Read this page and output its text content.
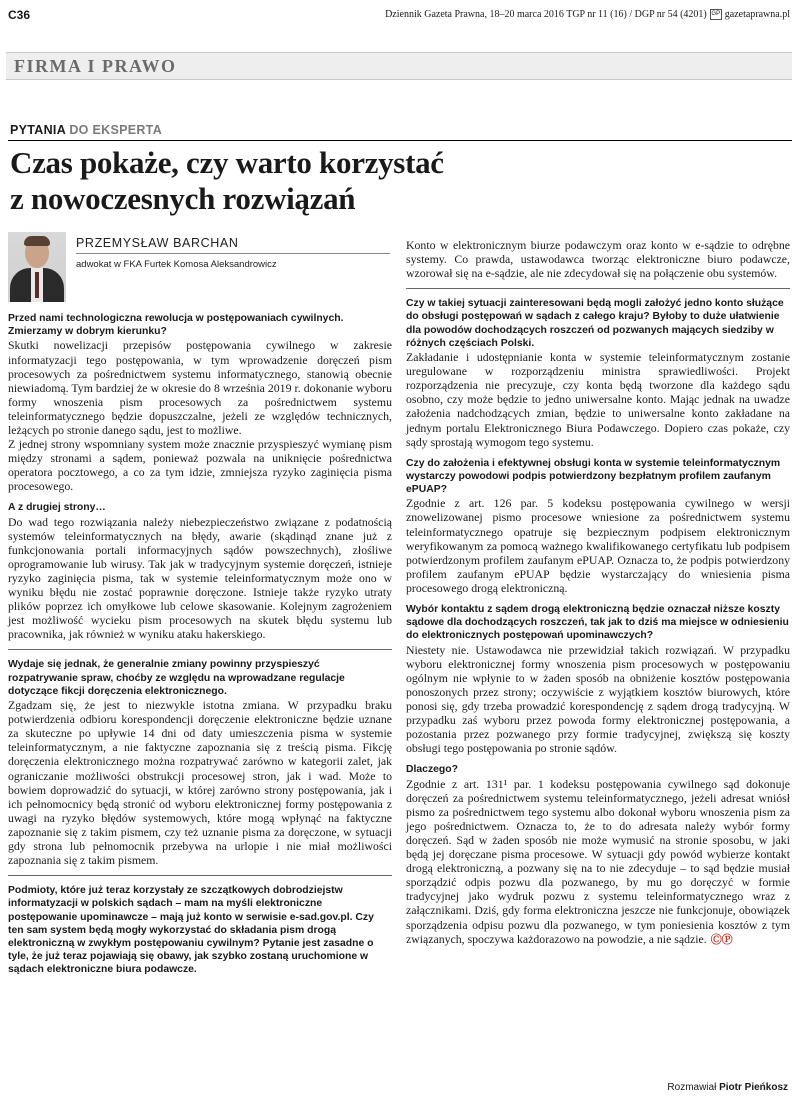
C36	Dziennik Gazeta Prawna, 18–20 marca 2016 TGP nr 11 (16) / DGP nr 54 (4201) GP gazetaprawna.pl
FIRMA I PRAWO
PYTANIA DO EKSPERTA
Czas pokaże, czy warto korzystać
z nowoczesnych rozwiązań
PRZEMYSŁAW BARCHAN
adwokat w FKA Furtek Komosa Aleksandrowicz

Przed nami technologiczna rewolucja w postępowaniach cywilnych. Zmierzamy w dobrym kierunku?

Skutki nowelizacji przepisów postępowania cywilnego w zakresie informatyzacji tego postępowania, w tym wprowadzenie doręczeń pism procesowych za pośrednictwem systemu informatycznego, stanowią obecnie niewiadomą. Tym bardziej że w okresie do 8 września 2019 r. dokonanie wyboru formy wnoszenia pism procesowych za pośrednictwem systemu teleinformatycznego będzie dopuszczalne, jeżeli ze względów technicznych, leżących po stronie danego sądu, jest to możliwe.

Z jednej strony wspomniany system może znacznie przyspieszyć wymianę pism między stronami a sądem, ponieważ pozwala na uniknięcie pośrednictwa operatora pocztowego, a co za tym idzie, zmniejsza ryzyko zaginięcia pisma procesowego.

A z drugiej strony…

Do wad tego rozwiązania należy niebezpieczeństwo związane z podatnością systemów teleinformatycznych na błędy, awarie (skądinąd znane już z funkcjonowania portali informacyjnych sądów powszechnych), złośliwe oprogramowanie lub wirusy. Tak jak w tradycyjnym systemie doręczeń, istnieje ryzyko zaginięcia pisma, tak w systemie teleinformatycznym może ono w wyniku błędu nie zostać poprawnie doręczone. Istnieje także ryzyko utraty plików poprzez ich omyłkowe lub celowe skasowanie. Kolejnym zagrożeniem jest możliwość wycieku pism procesowych na skutek błędu systemu lub pracownika, jak również w wyniku ataku hakerskiego.

Wydaje się jednak, że generalnie zmiany powinny przyspieszyć rozpatrywanie spraw, choćby ze względu na wprowadzane regulacje dotyczące fikcji doręczenia elektronicznego.

Zgadzam się, że jest to niezwykle istotna zmiana. W przypadku braku potwierdzenia odbioru korespondencji doręczenie elektroniczne będzie uznane za skuteczne po upływie 14 dni od daty umieszczenia pisma w systemie teleinformatycznym, a nie faktyczne zapoznania się z treścią pisma. Fikcję doręczenia elektronicznego można rozpatrywać zarówno w kategorii zalet, jak ograniczanie możliwości obstrukcji procesowej stron, jak i wad. Może to bowiem doprowadzić do sytuacji, w której zarówno strony postępowania, jak i ich pełnomocnicy będą stronić od wyboru elektronicznej formy postępowania z uwagi na ryzyko błędów systemowych, które mogą wpłynąć na faktyczne zapoznanie się z takim pismem, czy też uznanie pisma za doręczone, w sytuacji gdy strona lub pełnomocnik przebywa na urlopie i nie miał możliwości zapoznania się z takim pismem.

Podmioty, które już teraz korzystały ze szczątkowych dobrodziejstw informatyzacji w polskich sądach – mam na myśli elektroniczne postępowanie upominawcze – mają już konto w serwisie e-sad.gov.pl. Czy ten sam system będą mogły wykorzystać do składania pism drogą elektroniczną w zwykłym postępowaniu cywilnym? Pytanie jest zasadne o tyle, że już teraz pojawiają się obawy, jak szybko zostaną uruchomione w sądach elektroniczne biura podawcze.

Konto w elektronicznym biurze podawczym oraz konto w e-sądzie to odrębne systemy. Co prawda, ustawodawca tworząc elektroniczne biuro podawcze, wzorował się na e-sądzie, ale nie zdecydował się na połączenie obu systemów.

Czy w takiej sytuacji zainteresowani będą mogli założyć jedno konto służące do obsługi postępowań w sądach z całego kraju? Byłoby to duże ułatwienie dla powodów dochodzących roszczeń od pozwanych mających siedziby w różnych częściach Polski.

Zakładanie i udostępnianie konta w systemie teleinformatycznym zostanie uregulowane w rozporządzeniu ministra sprawiedliwości. Projekt rozporządzenia nie precyzuje, czy konta będą tworzone dla każdego sądu osobno, czy może będzie to jedno uniwersalne konto. Mając jednak na uwadze założenia nadchodzących zmian, będzie to uniwersalne konto zakładane na jednym portalu Elektronicznego Biura Podawczego. Dopiero czas pokaże, czy sądy sprostają wymogom tego systemu.

Czy do założenia i efektywnej obsługi konta w systemie teleinformatycznym wystarczy powodowi podpis potwierdzony bezpłatnym profilem zaufanym ePUAP?

Zgodnie z art. 126 par. 5 kodeksu postępowania cywilnego w wersji znowelizowanej pismo procesowe wniesione za pośrednictwem systemu teleinformatycznego opatruje się bezpiecznym podpisem elektronicznym weryfikowanym za pomocą ważnego kwalifikowanego certyfikatu lub podpisem potwierdzonym profilem zaufanym ePUAP. Oznacza to, że podpis potwierdzony profilem zaufanym ePUAP będzie wystarczający do wniesienia pisma procesowego drogą elektroniczną.

Wybór kontaktu z sądem drogą elektroniczną będzie oznaczał niższe koszty sądowe dla dochodzących roszczeń, tak jak to dziś ma miejsce w odniesieniu do elektronicznych postępowań upominawczych?

Niestety nie. Ustawodawca nie przewidział takich rozwiązań. W przypadku wyboru elektronicznej formy wnoszenia pism procesowych w postępowaniu ogólnym nie wpłynie to w żaden sposób na obniżenie kosztów postępowania ponoszonych przez strony; oczywiście z wyjątkiem kosztów biurowych, które ponosi się, gdy trzeba prowadzić korespondencję z sądem drogą tradycyjną. W przypadku zaś wyboru przez powoda formy elektronicznej postępowania, a pozostania przez pozwanego przy formie tradycyjnej, zwiększą się koszty obsługi tego postępowania po stronie sądów.

Dlaczego?

Zgodnie z art. 131¹ par. 1 kodeksu postępowania cywilnego sąd dokonuje doręczeń za pośrednictwem systemu teleinformatycznego, jeżeli adresat wniósł pismo za pośrednictwem tego systemu albo dokonał wyboru wnoszenia pism za jego pośrednictwem. Oznacza to, że to do adresata należy wybór formy doręczeń. Sąd w żaden sposób nie może wymusić na stronie sposobu, w jaki będą jej doręczane pisma procesowe. W sytuacji gdy powód wybierze kontakt drogą elektroniczną, a pozwany się na to nie zdecyduje – to sąd będzie musiał sporządzić odpis pozwu dla pozwanego, by mu go doręczyć w formie tradycyjnej jako wydruk pozwu z systemu teleinformatycznego wraz z załącznikami. Dziś, gdy forma elektroniczna jeszcze nie funkcjonuje, obowiązek sporządzenia odpisu pozwu dla pozwanego, w tym poniesienia kosztów z tym związanych, spoczywa każdorazowo na powodzie, a nie sądzie. ⒸⓅ

Rozmawiał Piotr Pieńkosz
